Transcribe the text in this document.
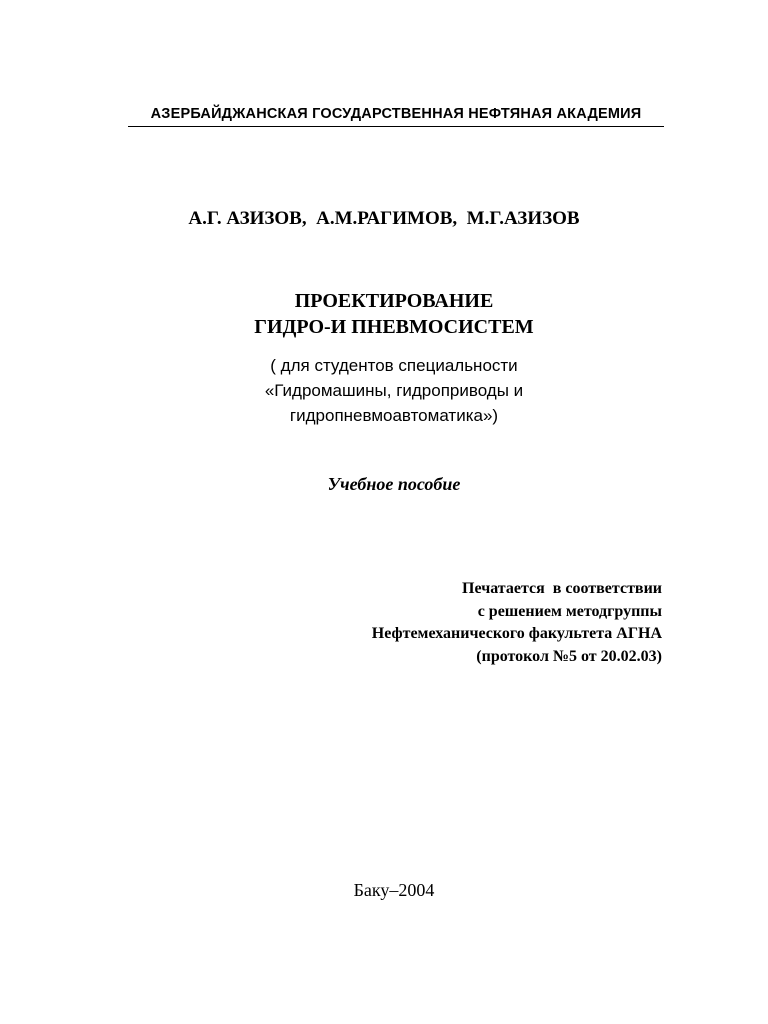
АЗЕРБАЙДЖАНСКАЯ ГОСУДАРСТВЕННАЯ НЕФТЯНАЯ АКАДЕМИЯ
А.Г. АЗИЗОВ,  А.М.РАГИМОВ,  М.Г.АЗИЗОВ
ПРОЕКТИРОВАНИЕ
ГИДРО-И ПНЕВМОСИСТЕМ
( для студентов специальности
«Гидромашины, гидроприводы и
гидропневмоавтоматика»)
Учебное пособие
Печатается  в соответствии
с решением методгруппы
Нефтемеханического факультета АГНА
(протокол №5 от 20.02.03)
Баку–2004
